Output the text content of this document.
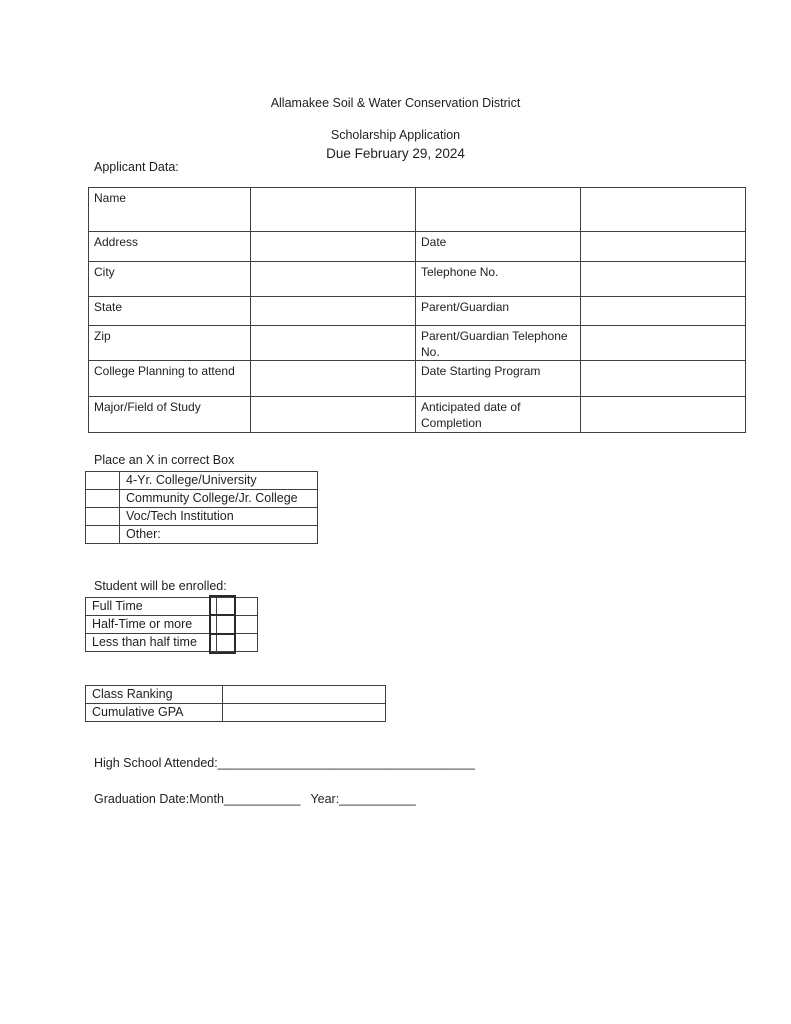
Allamakee Soil & Water Conservation District
Scholarship Application
Due February 29, 2024
Applicant Data:
Name			
Address		Date	
City		Telephone No.	
State		Parent/Guardian	
Zip		Parent/Guardian Telephone No.	
College Planning to attend		Date Starting Program	
Major/Field of Study		Anticipated date of Completion	
Place an X in correct Box
	4-Yr. College/University
	Community College/Jr. College
	Voc/Tech Institution
	Other:
Student will be enrolled:
Full Time	
Half-Time or more	
Less than half time	
Class Ranking	
Cumulative GPA	
High School Attended:_____________________________________
Graduation Date:Month___________ Year:___________
